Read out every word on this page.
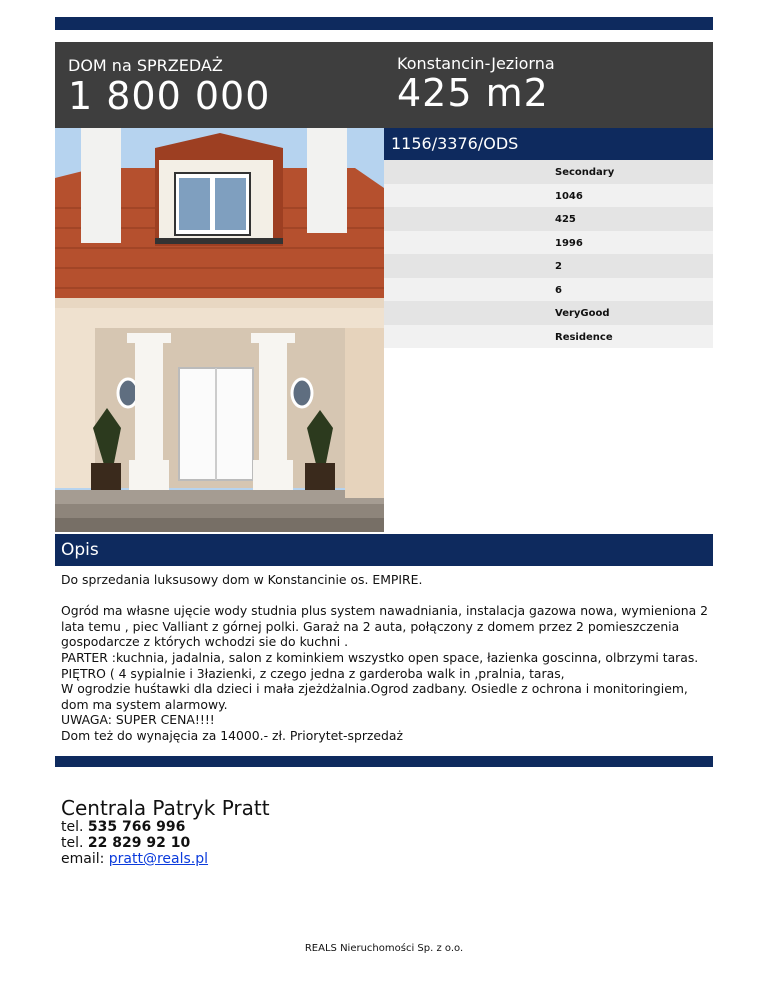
DOM na SPRZEDAŻ
1 800 000
Konstancin-Jeziorna
425 m2
1156/3376/ODS
Secondary
1046
425
1996
2
6
VeryGood
Residence
Opis
Do sprzedania luksusowy dom w Konstancinie os. EMPIRE.

Ogród ma własne ujęcie wody studnia plus system nawadniania, instalacja gazowa nowa, wymieniona 2 lata temu , piec Valliant z górnej polki. Garaż na 2 auta, połączony z domem przez 2 pomieszczenia gospodarcze z których wchodzi sie do kuchni .
PARTER :kuchnia, jadalnia, salon z kominkiem wszystko open space, łazienka goscinna, olbrzymi taras.
PIĘTRO ( 4 sypialnie i 3łazienki, z czego jedna z garderoba walk in ,pralnia, taras,
W ogrodzie huśtawki dla dzieci i mała zjeżdżalnia.Ogrod zadbany. Osiedle z ochrona i monitoringiem, dom ma system alarmowy.
UWAGA: SUPER CENA!!!!
Dom też do wynajęcia za 14000.- zł. Priorytet-sprzedaż
Centrala Patryk Pratt
tel. 535 766 996
tel. 22 829 92 10
email: pratt@reals.pl
REALS Nieruchomości Sp. z o.o.
